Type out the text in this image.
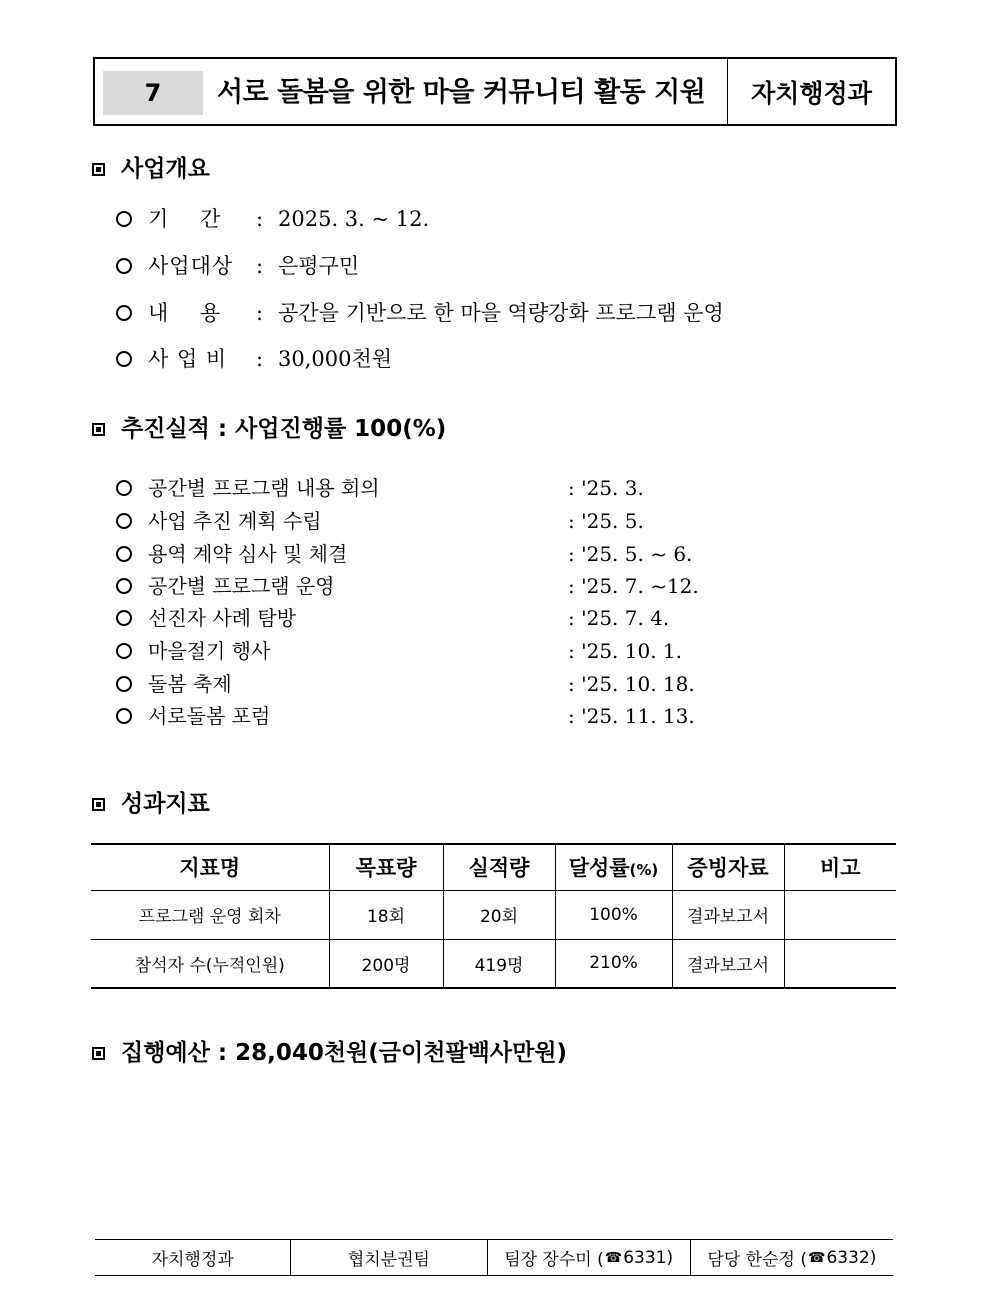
7	서로 돌봄을 위한 마을 커뮤니티 활동 지원	자치행정과
사업개요
기    간	: 2025. 3. ~ 12.
사업대상	: 은평구민
내    용	: 공간을 기반으로 한 마을 역량강화 프로그램 운영
사 업 비	: 30,000천원
추진실적 : 사업진행률 100(%)
공간별 프로그램 내용 회의	: '25. 3.
사업 추진 계획 수립	: '25. 5.
용역 계약 심사 및 체결	: '25. 5. ~ 6.
공간별 프로그램 운영	: '25. 7. ~12.
선진자 사례 탐방	: '25. 7. 4.
마을절기 행사	: '25. 10. 1.
돌봄 축제	: '25. 10. 18.
서로돌봄 포럼	: '25. 11. 13.
성과지표
지표명	목표량	실적량	달성률(%)	증빙자료	비고
프로그램 운영 회차	18회	20회	100%	결과보고서	
참석자 수(누적인원)	200명	419명	210%	결과보고서	
집행예산 : 28,040천원(금이천팔백사만원)
자치행정과	협치분권팀	팀장 장수미 ( ☎ 6331) 담당 한순정 ( ☎ 6332)
